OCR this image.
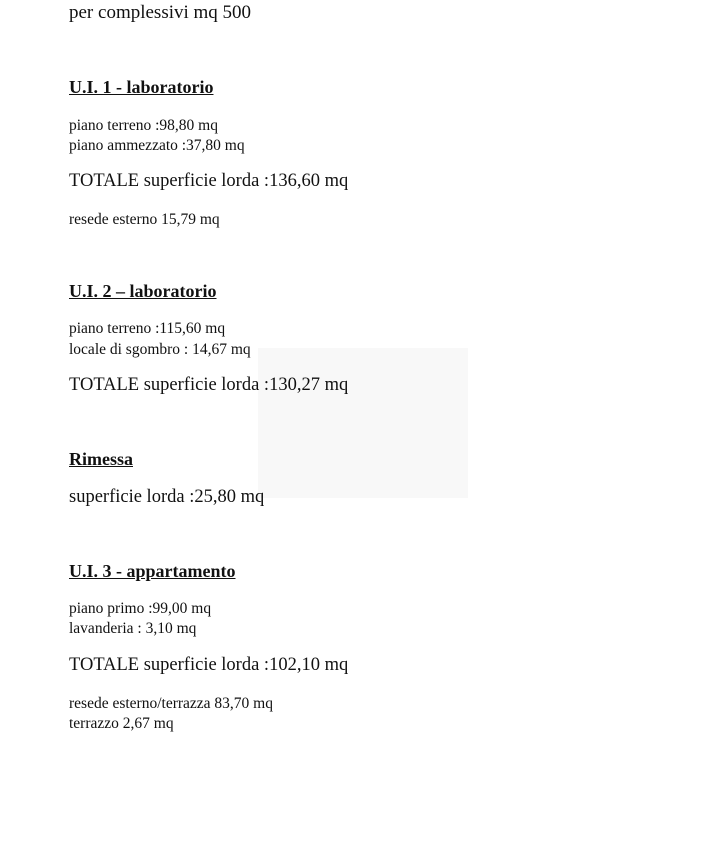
per complessivi mq 500
U.I. 1 - laboratorio
piano terreno :98,80 mq
piano ammezzato :37,80 mq
TOTALE superficie lorda :136,60 mq
resede esterno 15,79 mq
U.I. 2 – laboratorio
piano terreno :115,60 mq
locale di sgombro : 14,67 mq
TOTALE superficie lorda :130,27 mq
Rimessa
superficie lorda :25,80 mq
U.I. 3 - appartamento
piano primo :99,00 mq
lavanderia : 3,10 mq
TOTALE superficie lorda :102,10 mq
resede esterno/terrazza 83,70 mq
terrazzo 2,67 mq
